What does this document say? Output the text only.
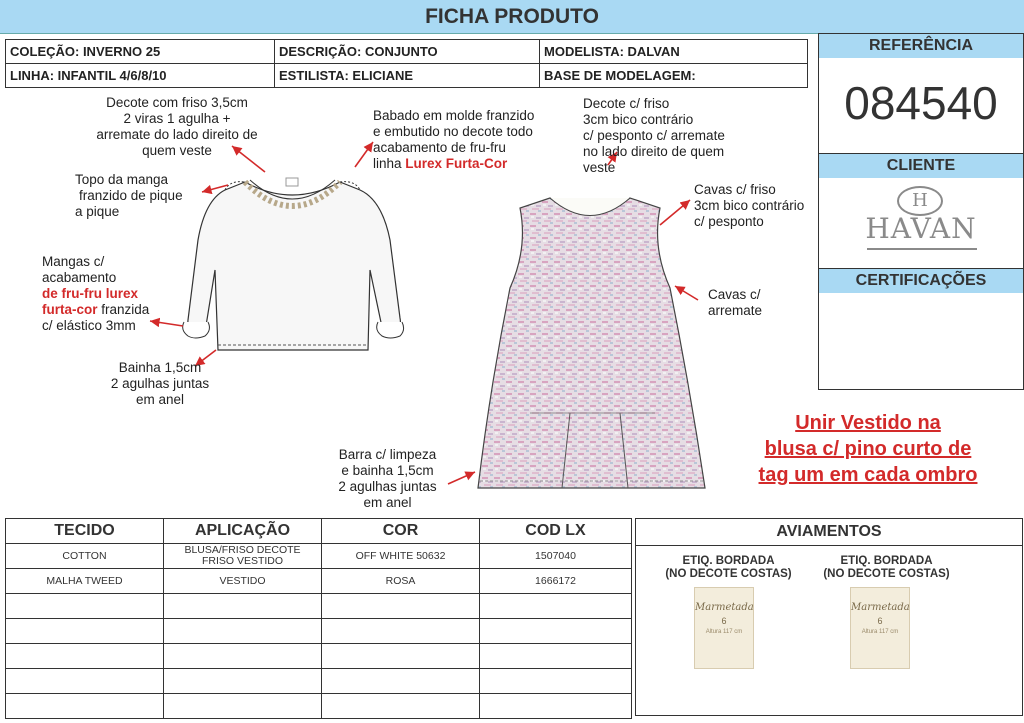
FICHA PRODUTO
COLEÇÃO: INVERNO 25	DESCRIÇÃO: CONJUNTO	MODELISTA: DALVAN
LINHA: INFANTIL 4/6/8/10	ESTILISTA: ELICIANE	BASE DE MODELAGEM:
REFERÊNCIA
084540
CLIENTE
H
HAVAN
CERTIFICAÇÕES
Decote com friso 3,5cm
2 viras 1 agulha +
arremate do lado direito de
quem veste
Topo da manga
franzido de pique
a pique
Mangas c/
acabamento
de fru-fru lurex
furta-cor franzida
c/ elástico 3mm
Bainha 1,5cm
2 agulhas juntas
em anel
Babado em molde franzido
e embutido no decote todo
acabamento de fru-fru
linha Lurex Furta-Cor
Decote c/ friso
3cm bico contrário
c/ pesponto c/ arremate
no lado direito de quem
veste
Cavas c/ friso
3cm bico contrário
c/ pesponto
Cavas c/
arremate
Barra c/ limpeza
e bainha 1,5cm
2 agulhas juntas
em anel
Unir Vestido na
blusa c/ pino curto de
tag um em cada ombro
TECIDO	APLICAÇÃO	COR	COD LX
COTTON	BLUSA/FRISO DECOTE
FRISO VESTIDO	OFF WHITE 50632	1507040
MALHA TWEED	VESTIDO	ROSA	1666172

AVIAMENTOS
ETIQ. BORDADA
(NO DECOTE COSTAS)
Marmetada
6
Altura 117 cm
ETIQ. BORDADA
(NO DECOTE COSTAS)
Marmetada
6
Altura 117 cm
